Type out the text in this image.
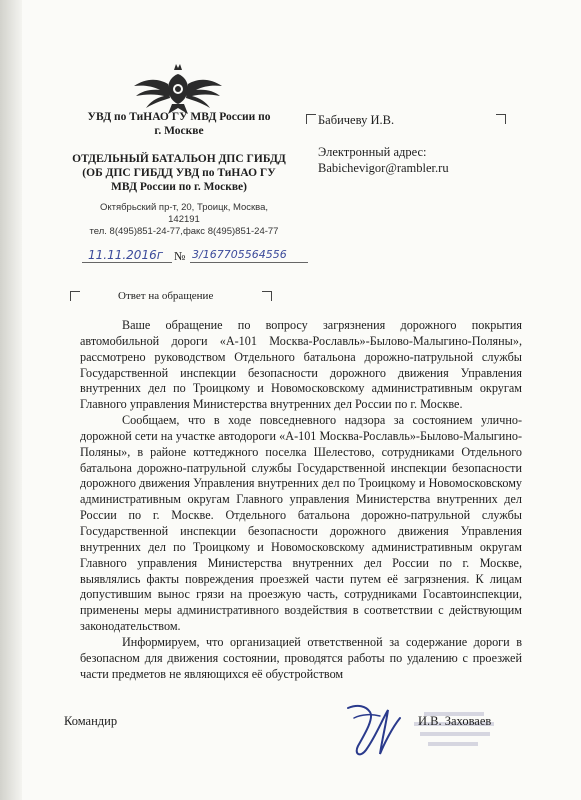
УВД по ТиНАО ГУ МВД России по
г. Москве
ОТДЕЛЬНЫЙ БАТАЛЬОН ДПС ГИБДД
(ОБ ДПС ГИБДД УВД по ТиНАО ГУ
МВД России по г. Москве)
Октябрьский пр-т, 20, Троицк, Москва,
142191
тел. 8(495)851-24-77,факс 8(495)851-24-77
11.11.2016г № 3/167705564556
Бабичеву И.В.
Электронный адрес:
Babichevigor@rambler.ru
Ответ на обращение

Ваше обращение по вопросу загрязнения дорожного покрытия автомобильной дороги «А-101 Москва-Рославль»-Былово-Малыгино-Поляны», рассмотрено руководством Отдельного батальона дорожно-патрульной службы Государственной инспекции безопасности дорожного движения Управления внутренних дел по Троицкому и Новомосковскому административным округам Главного управления Министерства внутренних дел России по г. Москве.

Сообщаем, что в ходе повседневного надзора за состоянием улично-дорожной сети на участке автодороги «А-101 Москва-Рославль»-Былово-Малыгино-Поляны», в районе коттеджного поселка Шелестово, сотрудниками Отдельного батальона дорожно-патрульной службы Государственной инспекции безопасности дорожного движения Управления внутренних дел по Троицкому и Новомосковскому административным округам Главного управления Министерства внутренних дел России по г. Москве. Отдельного батальона дорожно-патрульной службы Государственной инспекции безопасности дорожного движения Управления внутренних дел по Троицкому и Новомосковскому административным округам Главного управления Министерства внутренних дел России по г. Москве, выявлялись факты повреждения проезжей части путем её загрязнения. К лицам допустившим вынос грязи на проезжую часть, сотрудниками Госавтоинспекции, применены меры административного воздействия в соответствии с действующим законодательством.

Информируем, что организацией ответственной за содержание дороги в безопасном для движения состоянии, проводятся работы по удалению с проезжей части предметов не являющихся её обустройством

Командир	И.В. Заховаев
